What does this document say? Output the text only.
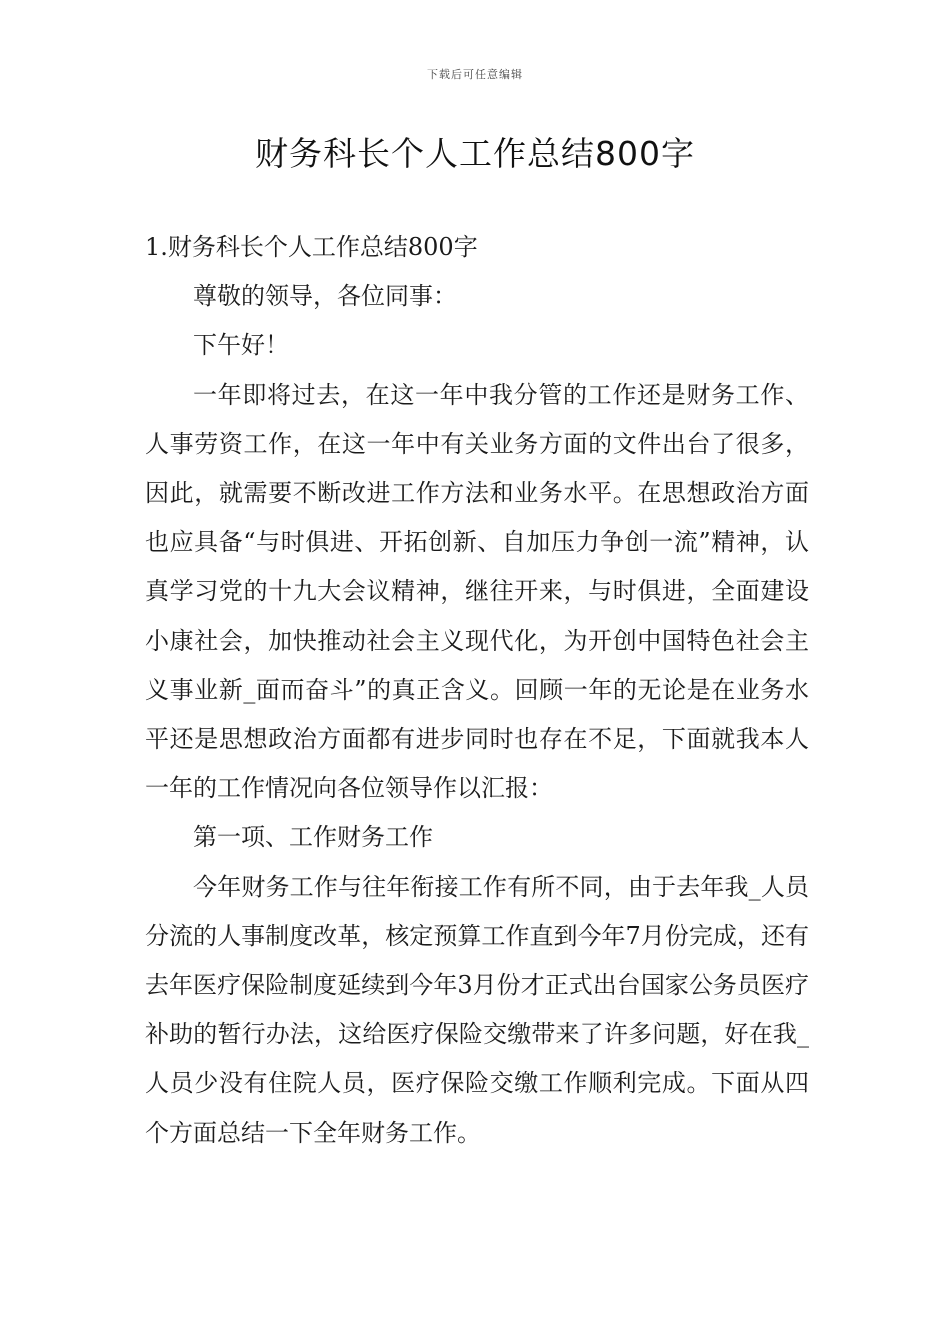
下载后可任意编辑
财务科长个人工作总结800字

1.财务科长个人工作总结800字

尊敬的领导，各位同事：

下午好！

一年即将过去，在这一年中我分管的工作还是财务工作、人事劳资工作，在这一年中有关业务方面的文件出台了很多，因此，就需要不断改进工作方法和业务水平。在思想政治方面也应具备“与时俱进、开拓创新、自加压力争创一流”精神，认真学习党的十九大会议精神，继往开来，与时俱进，全面建设小康社会，加快推动社会主义现代化，为开创中国特色社会主义事业新_面而奋斗”的真正含义。回顾一年的无论是在业务水平还是思想政治方面都有进步同时也存在不足，下面就我本人一年的工作情况向各位领导作以汇报：

第一项、工作财务工作

今年财务工作与往年衔接工作有所不同，由于去年我_人员分流的人事制度改革，核定预算工作直到今年7月份完成，还有去年医疗保险制度延续到今年3月份才正式出台国家公务员医疗补助的暂行办法，这给医疗保险交缴带来了许多问题，好在我_人员少没有住院人员，医疗保险交缴工作顺利完成。下面从四个方面总结一下全年财务工作。
